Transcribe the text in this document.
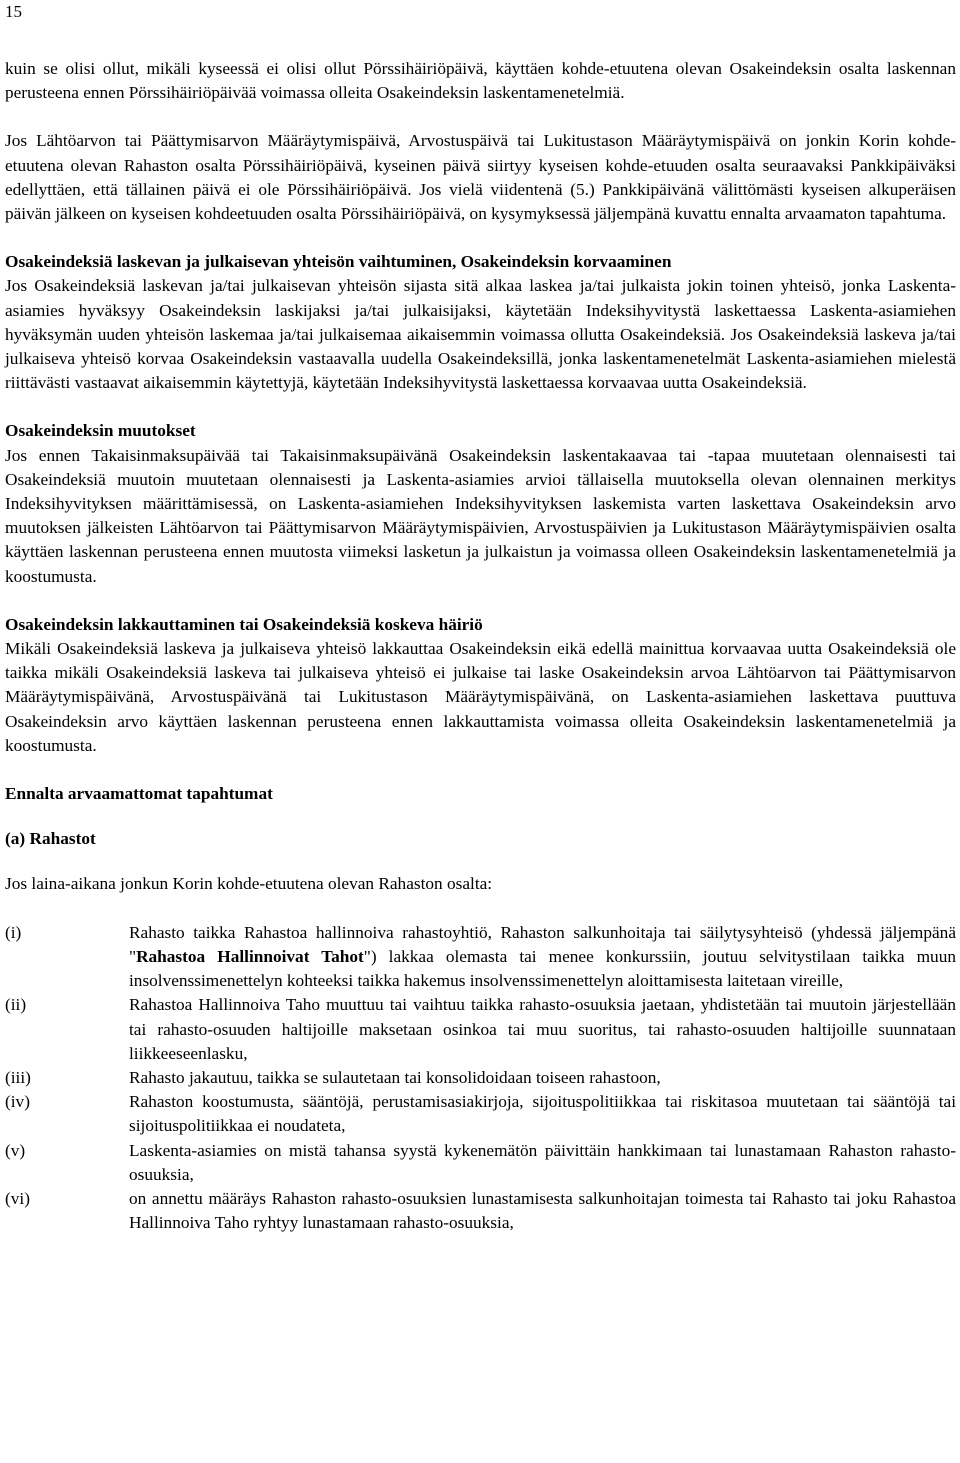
15

kuin se olisi ollut, mikäli kyseessä ei olisi ollut Pörssihäiriöpäivä, käyttäen kohde-etuutena olevan Osakeindeksin osalta laskennan perusteena ennen Pörssihäiriöpäivää voimassa olleita Osakeindeksin laskentamenetelmiä.

Jos Lähtöarvon tai Päättymisarvon Määräytymispäivä, Arvostuspäivä tai Lukitustason Määräytymispäivä on jonkin Korin kohde-etuutena olevan Rahaston osalta Pörssihäiriöpäivä, kyseinen päivä siirtyy kyseisen kohde-etuuden osalta seuraavaksi Pankkipäiväksi edellyttäen, että tällainen päivä ei ole Pörssihäiriöpäivä. Jos vielä viidentenä (5.) Pankkipäivänä välittömästi kyseisen alkuperäisen päivän jälkeen on kyseisen kohdeetuuden osalta Pörssihäiriöpäivä, on kysymyksessä jäljempänä kuvattu ennalta arvaamaton tapahtuma.

Osakeindeksiä laskevan ja julkaisevan yhteisön vaihtuminen, Osakeindeksin korvaaminen

Jos Osakeindeksiä laskevan ja/tai julkaisevan yhteisön sijasta sitä alkaa laskea ja/tai julkaista jokin toinen yhteisö, jonka Laskenta-asiamies hyväksyy Osakeindeksin laskijaksi ja/tai julkaisijaksi, käytetään Indeksihyvitystä laskettaessa Laskenta-asiamiehen hyväksymän uuden yhteisön laskemaa ja/tai julkaisemaa aikaisemmin voimassa ollutta Osakeindeksiä. Jos Osakeindeksiä laskeva ja/tai julkaiseva yhteisö korvaa Osakeindeksin vastaavalla uudella Osakeindeksillä, jonka laskentamenetelmät Laskenta-asiamiehen mielestä riittävästi vastaavat aikaisemmin käytettyjä, käytetään Indeksihyvitystä laskettaessa korvaavaa uutta Osakeindeksiä.

Osakeindeksin muutokset

Jos ennen Takaisinmaksupäivää tai Takaisinmaksupäivänä Osakeindeksin laskentakaavaa tai -tapaa muutetaan olennaisesti tai Osakeindeksiä muutoin muutetaan olennaisesti ja Laskenta-asiamies arvioi tällaisella muutoksella olevan olennainen merkitys Indeksihyvityksen määrittämisessä, on Laskenta-asiamiehen Indeksihyvityksen laskemista varten laskettava Osakeindeksin arvo muutoksen jälkeisten Lähtöarvon tai Päättymisarvon Määräytymispäivien, Arvostuspäivien ja Lukitustason Määräytymispäivien osalta käyttäen laskennan perusteena ennen muutosta viimeksi lasketun ja julkaistun ja voimassa olleen Osakeindeksin laskentamenetelmiä ja koostumusta.

Osakeindeksin lakkauttaminen tai Osakeindeksiä koskeva häiriö

Mikäli Osakeindeksiä laskeva ja julkaiseva yhteisö lakkauttaa Osakeindeksin eikä edellä mainittua korvaavaa uutta Osakeindeksiä ole taikka mikäli Osakeindeksiä laskeva tai julkaiseva yhteisö ei julkaise tai laske Osakeindeksin arvoa Lähtöarvon tai Päättymisarvon Määräytymispäivänä, Arvostuspäivänä tai Lukitustason Määräytymispäivänä, on Laskenta-asiamiehen laskettava puuttuva Osakeindeksin arvo käyttäen laskennan perusteena ennen lakkauttamista voimassa olleita Osakeindeksin laskentamenetelmiä ja koostumusta.

Ennalta arvaamattomat tapahtumat
(a) Rahastot

Jos laina-aikana jonkun Korin kohde-etuutena olevan Rahaston osalta:

(i)	Rahasto taikka Rahastoa hallinnoiva rahastoyhtiö, Rahaston salkunhoitaja tai säilytysyhteisö (yhdessä jäljempänä "Rahastoa Hallinnoivat Tahot") lakkaa olemasta tai menee konkurssiin, joutuu selvitystilaan taikka muun insolvenssimenettelyn kohteeksi taikka hakemus insolvenssimenettelyn aloittamisesta laitetaan vireille,
(ii)	Rahastoa Hallinnoiva Taho muuttuu tai vaihtuu taikka rahasto-osuuksia jaetaan, yhdistetään tai muutoin järjestellään tai rahasto-osuuden haltijoille maksetaan osinkoa tai muu suoritus, tai rahasto-osuuden haltijoille suunnataan liikkeeseenlasku,
(iii)	Rahasto jakautuu, taikka se sulautetaan tai konsolidoidaan toiseen rahastoon,
(iv)	Rahaston koostumusta, sääntöjä, perustamisasiakirjoja, sijoituspolitiikkaa tai riskitasoa muutetaan tai sääntöjä tai sijoituspolitiikkaa ei noudateta,
(v)	Laskenta-asiamies on mistä tahansa syystä kykenemätön päivittäin hankkimaan tai lunastamaan Rahaston rahasto-osuuksia,
(vi)	on annettu määräys Rahaston rahasto-osuuksien lunastamisesta salkunhoitajan toimesta tai Rahasto tai joku Rahastoa Hallinnoiva Taho ryhtyy lunastamaan rahasto-osuuksia,
